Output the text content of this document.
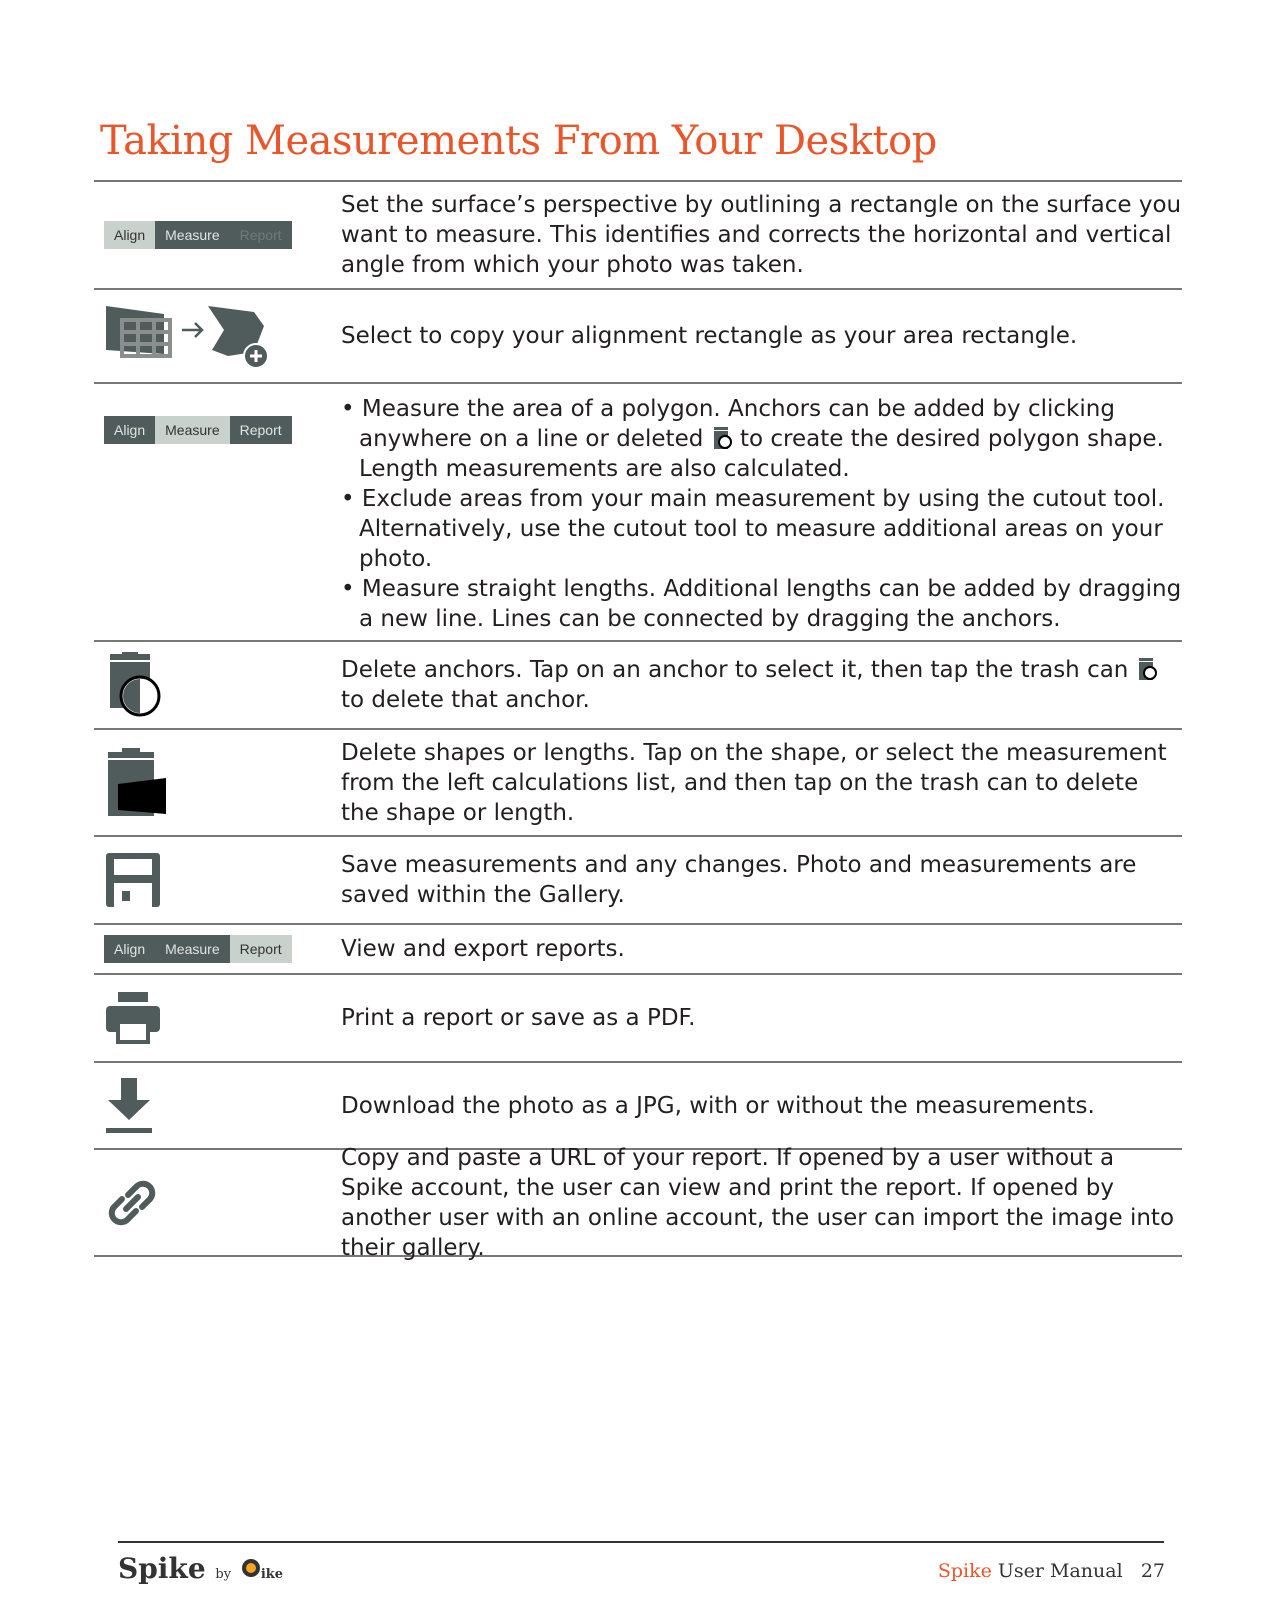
Taking Measurements From Your Desktop
Align	Measure	Report
Set the surface’s perspective by outlining a rectangle on the surface you want to measure. This identifies and corrects the horizontal and vertical angle from which your photo was taken.
Select to copy your alignment rectangle as your area rectangle.
Align	Measure	Report
• Measure the area of a polygon. Anchors can be added by clicking anywhere on a line or deleted  to create the desired polygon shape. Length measurements are also calculated.
• Exclude areas from your main measurement by using the cutout tool. Alternatively, use the cutout tool to measure additional areas on your photo.
• Measure straight lengths. Additional lengths can be added by dragging a new line. Lines can be connected by dragging the anchors.
Delete anchors. Tap on an anchor to select it, then tap the trash can  to delete that anchor.
Delete shapes or lengths. Tap on the shape, or select the measurement from the left calculations list, and then tap on the trash can to delete the shape or length.
Save measurements and any changes. Photo and measurements are saved within the Gallery.
Align	Measure	Report	View and export reports.
Print a report or save as a PDF.
Download the photo as a JPG, with or without the measurements.
Copy and paste a URL of your report. If opened by a user without a Spike account, the user can view and print the report. If opened by another user with an online account, the user can import the image into their gallery.
Spike by ike	Spike User Manual 27
